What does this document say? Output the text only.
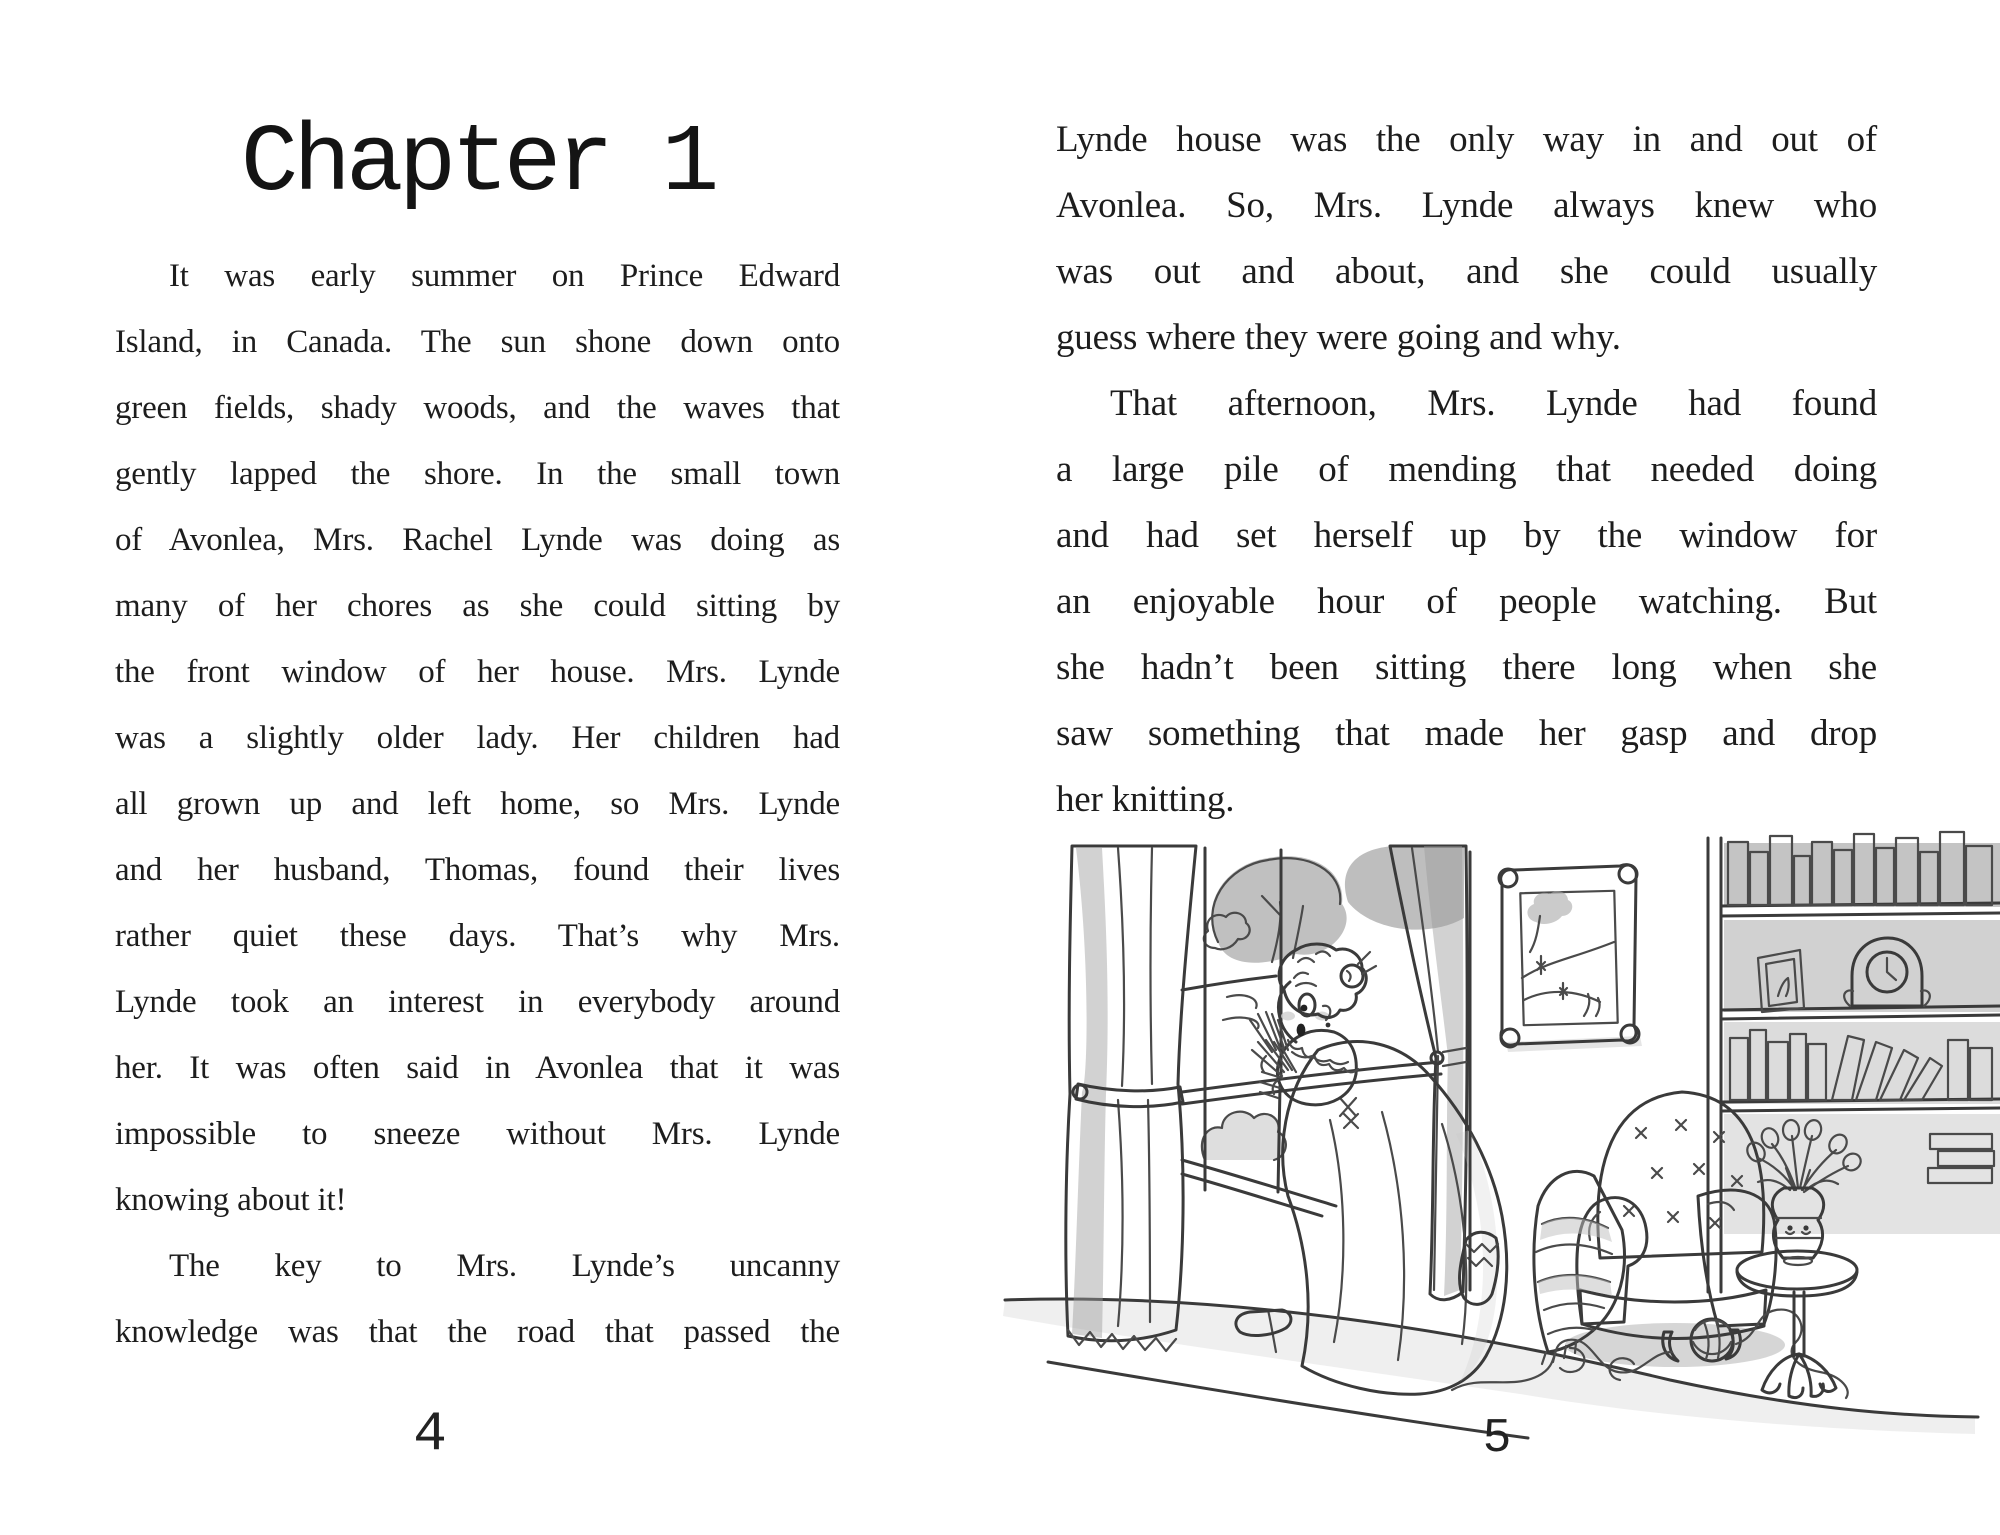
Chapter 1
It was early summer on Prince Edward
Island, in Canada. The sun shone down onto
green fields, shady woods, and the waves that
gently lapped the shore. In the small town
of Avonlea, Mrs. Rachel Lynde was doing as
many of her chores as she could sitting by
the front window of her house. Mrs. Lynde
was a slightly older lady. Her children had
all grown up and left home, so Mrs. Lynde
and her husband, Thomas, found their lives
rather quiet these days. That’s why Mrs.
Lynde took an interest in everybody around
her. It was often said in Avonlea that it was
impossible to sneeze without Mrs. Lynde
knowing about it!
The key to Mrs. Lynde’s uncanny
knowledge was that the road that passed the
4
Lynde house was the only way in and out of
Avonlea. So, Mrs. Lynde always knew who
was out and about, and she could usually
guess where they were going and why.
That afternoon, Mrs. Lynde had found
a large pile of mending that needed doing
and had set herself up by the window for
an enjoyable hour of people watching. But
she hadn’t been sitting there long when she
saw something that made her gasp and drop
her knitting.
5
